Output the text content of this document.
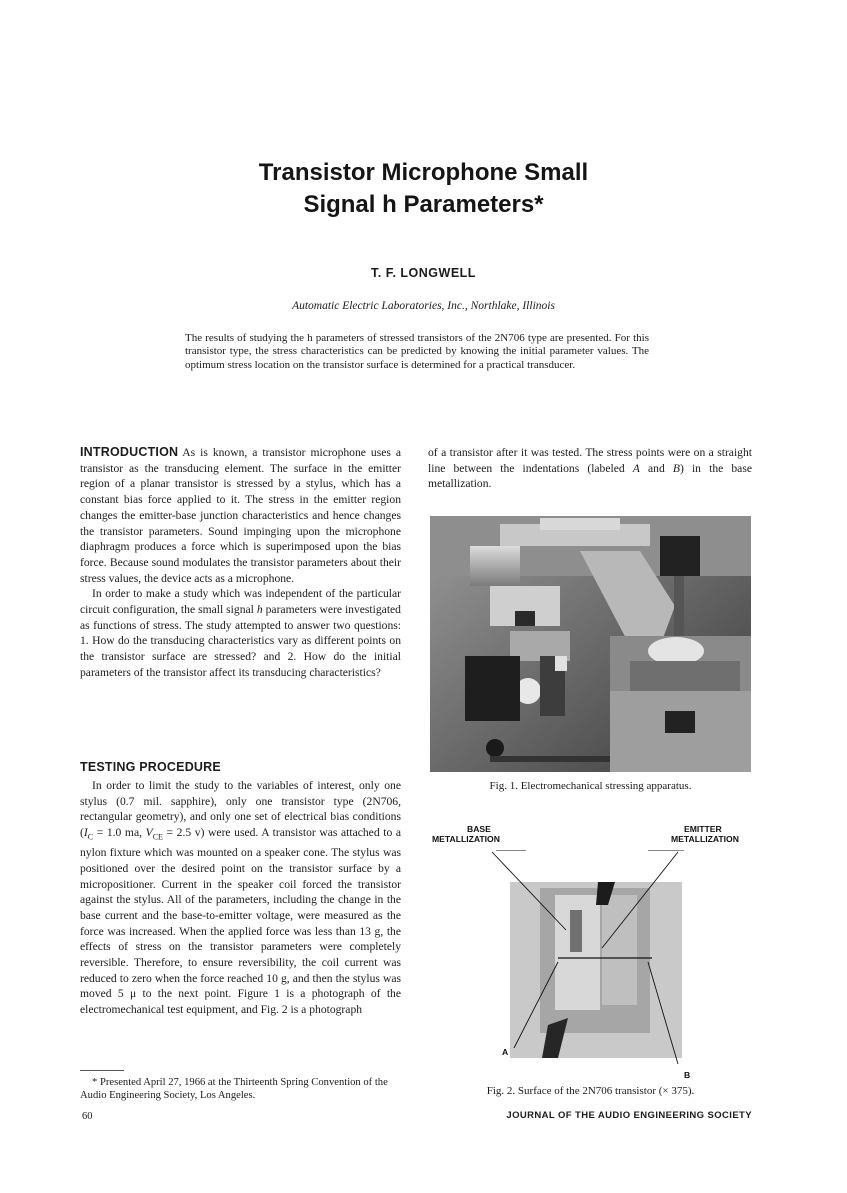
Transistor Microphone Small
Signal h Parameters*
T. F. LONGWELL
Automatic Electric Laboratories, Inc., Northlake, Illinois
The results of studying the h parameters of stressed transistors of the 2N706 type are presented. For this transistor type, the stress characteristics can be predicted by knowing the initial parameter values. The optimum stress location on the transistor surface is determined for a practical transducer.

INTRODUCTION As is known, a transistor microphone uses a transistor as the transducing element. The surface in the emitter region of a planar transistor is stressed by a stylus, which has a constant bias force applied to it. The stress in the emitter region changes the emitter-base junction characteristics and hence changes the transistor parameters. Sound impinging upon the microphone diaphragm produces a force which is superimposed upon the bias force. Because sound modulates the transistor parameters about their stress values, the device acts as a microphone.

In order to make a study which was independent of the particular circuit configuration, the small signal h parameters were investigated as functions of stress. The study attempted to answer two questions: 1. How do the transducing characteristics vary as different points on the transistor surface are stressed? and 2. How do the initial parameters of the transistor affect its transducing characteristics?

TESTING PROCEDURE

In order to limit the study to the variables of interest, only one stylus (0.7 mil. sapphire), only one transistor type (2N706, rectangular geometry), and only one set of electrical bias conditions ($I_C = 1.0$ ma, $V_{CE} = 2.5$ v) were used. A transistor was attached to a nylon fixture which was mounted on a speaker cone. The stylus was positioned over the desired point on the transistor surface by a micropositioner. Current in the speaker coil forced the transistor against the stylus. All of the parameters, including the change in the base current and the base-to-emitter voltage, were measured as the force was increased. When the applied force was less than 13 g, the effects of stress on the transistor parameters were completely reversible. Therefore, to ensure reversibility, the coil current was reduced to zero when the force reached 10 g, and then the stylus was moved 5 μ to the next point. Figure 1 is a photograph of the electromechanical test equipment, and Fig. 2 is a photograph

* Presented April 27, 1966 at the Thirteenth Spring Convention of the Audio Engineering Society, Los Angeles.

of a transistor after it was tested. The stress points were on a straight line between the indentations (labeled A and B) in the base metallization.

Fig. 1. Electromechanical stressing apparatus.
BASE
METALLIZATION
EMITTER
METALLIZATION
A
B
Fig. 2. Surface of the 2N706 transistor (× 375).
60	JOURNAL OF THE AUDIO ENGINEERING SOCIETY
